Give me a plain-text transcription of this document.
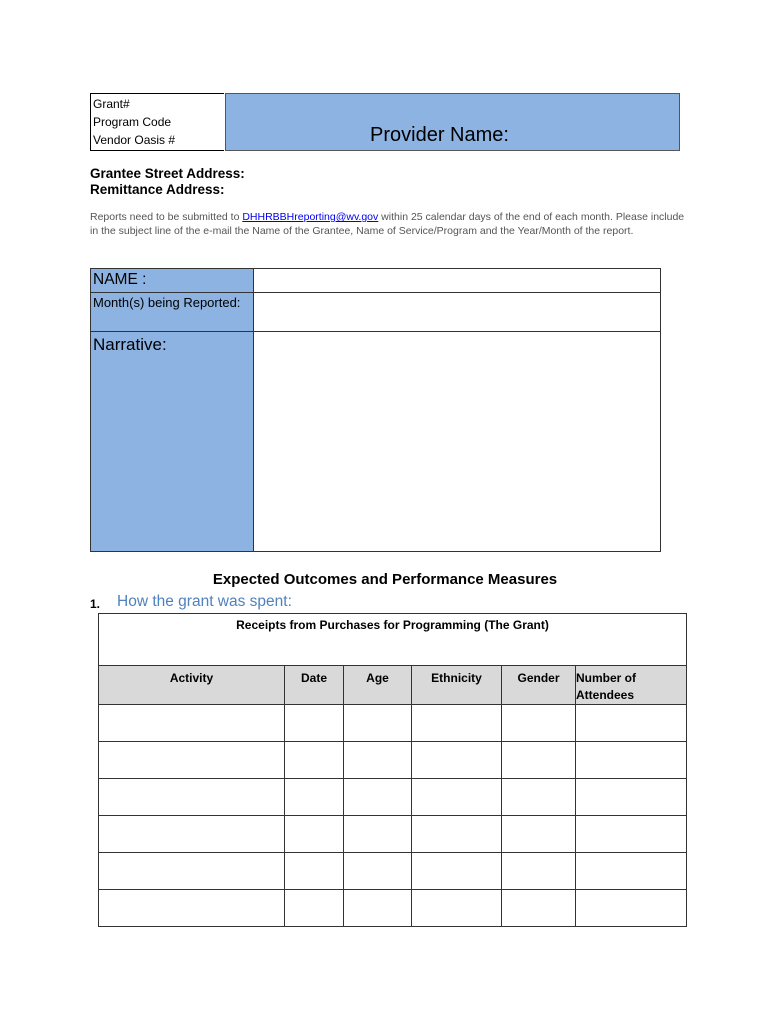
Grant#
Program Code
Vendor Oasis #	Provider Name:
Grantee Street Address:
Remittance Address:
Reports need to be submitted to DHHRBBHreporting@wv.gov within 25 calendar days of the end of each month. Please include in the subject line of the e-mail the Name of the Grantee, Name of Service/Program and the Year/Month of the report.
NAME :	
Month(s) being Reported:	
Narrative:	
Expected Outcomes and Performance Measures
1. How the grant was spent:
Receipts from Purchases for Programming (The Grant)					
Activity	Date	Age	Ethnicity	Gender	Number of Attendees
